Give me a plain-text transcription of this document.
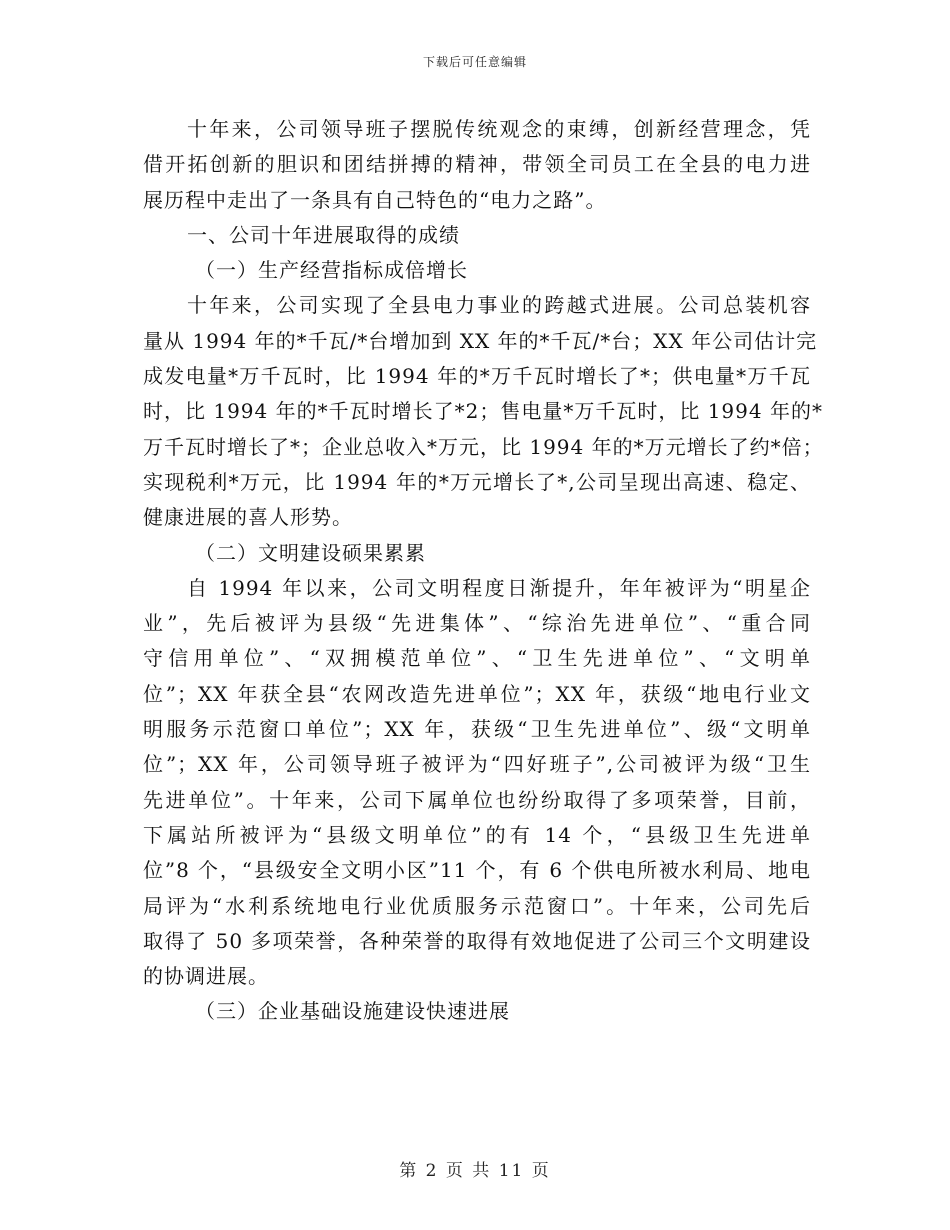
下载后可任意编辑
十年来，公司领导班子摆脱传统观念的束缚，创新经营理念，凭
借开拓创新的胆识和团结拼搏的精神，带领全司员工在全县的电力进
展历程中走出了一条具有自己特色的“电力之路”。
一、公司十年进展取得的成绩
（一）生产经营指标成倍增长
十年来，公司实现了全县电力事业的跨越式进展。公司总装机容
量从 1994 年的*千瓦/*台增加到 XX 年的*千瓦/*台；XX 年公司估计完
成发电量*万千瓦时，比 1994 年的*万千瓦时增长了*；供电量*万千瓦
时，比 1994 年的*千瓦时增长了*2；售电量*万千瓦时，比 1994 年的*
万千瓦时增长了*；企业总收入*万元，比 1994 年的*万元增长了约*倍；
实现税利*万元，比 1994 年的*万元增长了*,公司呈现出高速、稳定、
健康进展的喜人形势。
（二）文明建设硕果累累
自 1994 年以来，公司文明程度日渐提升，年年被评为“明星企
业”，先后被评为县级“先进集体”、“综治先进单位”、“重合同
守信用单位”、“双拥模范单位”、“卫生先进单位”、“文明单
位”；XX 年获全县“农网改造先进单位”；XX 年，获级“地电行业文
明服务示范窗口单位”；XX 年，获级“卫生先进单位”、级“文明单
位”；XX 年，公司领导班子被评为“四好班子”,公司被评为级“卫生
先进单位”。十年来，公司下属单位也纷纷取得了多项荣誉，目前，
下属站所被评为“县级文明单位”的有 14 个，“县级卫生先进单
位”8 个，“县级安全文明小区”11 个，有 6 个供电所被水利局、地电
局评为“水利系统地电行业优质服务示范窗口”。十年来，公司先后
取得了 50 多项荣誉，各种荣誉的取得有效地促进了公司三个文明建设
的协调进展。
（三）企业基础设施建设快速进展
第 2 页 共 11 页
